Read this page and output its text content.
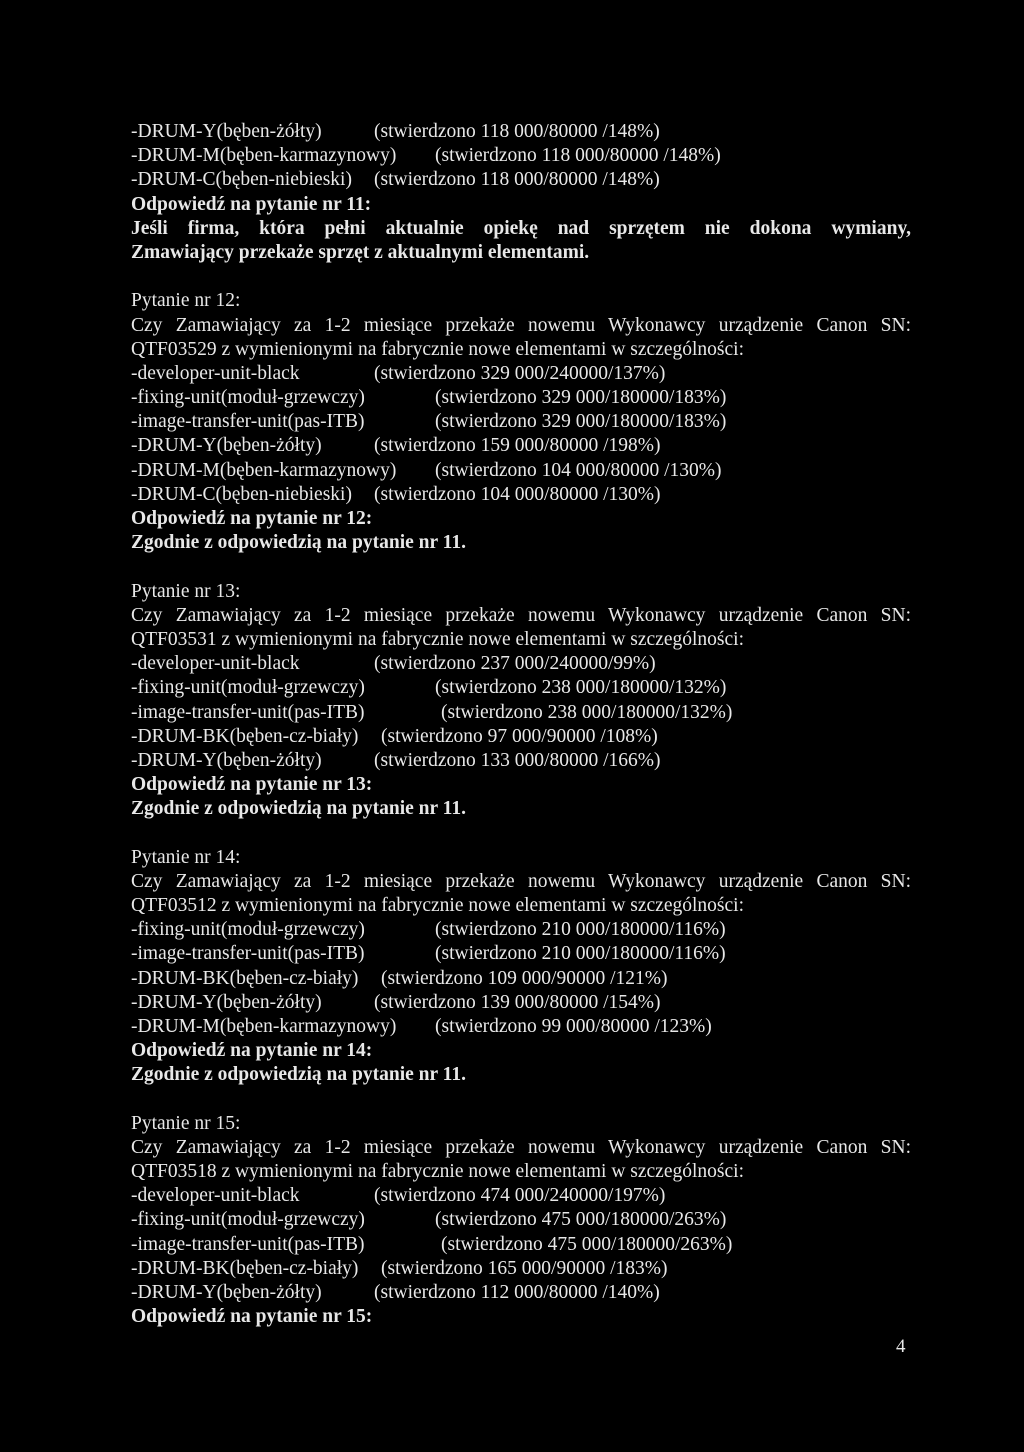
-DRUM-Y(bęben-żółty)	(stwierdzono 118 000/80000 /148%)
-DRUM-M(bęben-karmazynowy) (stwierdzono 118 000/80000 /148%)
-DRUM-C(bęben-niebieski) (stwierdzono 118 000/80000 /148%)
Odpowiedź na pytanie nr 11:
Jeśli firma, która pełni aktualnie opiekę nad sprzętem nie dokona wymiany,
Zmawiający przekaże sprzęt z aktualnymi elementami.
Pytanie nr 12:
Czy Zamawiający za 1-2 miesiące przekaże nowemu Wykonawcy urządzenie Canon SN:
QTF03529 z wymienionymi na fabrycznie nowe elementami w szczególności:
-developer-unit-black	(stwierdzono 329 000/240000/137%)
-fixing-unit(moduł-grzewczy)	(stwierdzono 329 000/180000/183%)
-image-transfer-unit(pas-ITB)	(stwierdzono 329 000/180000/183%)
-DRUM-Y(bęben-żółty)	(stwierdzono 159 000/80000 /198%)
-DRUM-M(bęben-karmazynowy) (stwierdzono 104 000/80000 /130%)
-DRUM-C(bęben-niebieski) (stwierdzono 104 000/80000 /130%)
Odpowiedź na pytanie nr 12:
Zgodnie z odpowiedzią na pytanie nr 11.
Pytanie nr 13:
Czy Zamawiający za 1-2 miesiące przekaże nowemu Wykonawcy urządzenie Canon SN:
QTF03531 z wymienionymi na fabrycznie nowe elementami w szczególności:
-developer-unit-black	(stwierdzono 237 000/240000/99%)
-fixing-unit(moduł-grzewczy)	(stwierdzono 238 000/180000/132%)
-image-transfer-unit(pas-ITB)	(stwierdzono 238 000/180000/132%)
-DRUM-BK(bęben-cz-biały) (stwierdzono 97 000/90000 /108%)
-DRUM-Y(bęben-żółty)	(stwierdzono 133 000/80000 /166%)
Odpowiedź na pytanie nr 13:
Zgodnie z odpowiedzią na pytanie nr 11.
Pytanie nr 14:
Czy Zamawiający za 1-2 miesiące przekaże nowemu Wykonawcy urządzenie Canon SN:
QTF03512 z wymienionymi na fabrycznie nowe elementami w szczególności:
-fixing-unit(moduł-grzewczy)	(stwierdzono 210 000/180000/116%)
-image-transfer-unit(pas-ITB)	(stwierdzono 210 000/180000/116%)
-DRUM-BK(bęben-cz-biały) (stwierdzono 109 000/90000 /121%)
-DRUM-Y(bęben-żółty)	(stwierdzono 139 000/80000 /154%)
-DRUM-M(bęben-karmazynowy) (stwierdzono 99 000/80000 /123%)
Odpowiedź na pytanie nr 14:
Zgodnie z odpowiedzią na pytanie nr 11.
Pytanie nr 15:
Czy Zamawiający za 1-2 miesiące przekaże nowemu Wykonawcy urządzenie Canon SN:
QTF03518 z wymienionymi na fabrycznie nowe elementami w szczególności:
-developer-unit-black	(stwierdzono 474 000/240000/197%)
-fixing-unit(moduł-grzewczy)	(stwierdzono 475 000/180000/263%)
-image-transfer-unit(pas-ITB)	(stwierdzono 475 000/180000/263%)
-DRUM-BK(bęben-cz-biały) (stwierdzono 165 000/90000 /183%)
-DRUM-Y(bęben-żółty)	(stwierdzono 112 000/80000 /140%)
Odpowiedź na pytanie nr 15:
4
